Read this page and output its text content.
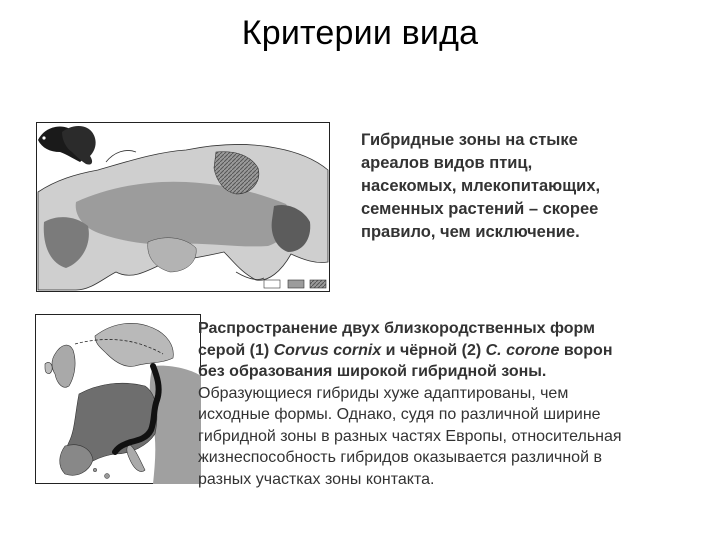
Критерии вида
Гибридные зоны на стыке
ареалов видов птиц,
насекомых, млекопитающих,
семенных растений – скорее
правило, чем исключение.
Распространение двух близкородственных форм
серой (1) Corvus cornix и чёрной (2) C. corone ворон
без образования широкой гибридной зоны.
Образующиеся гибриды хуже адаптированы, чем
исходные формы. Однако, судя по различной ширине
гибридной зоны в разных частях Европы, относительная
жизнеспособность гибридов оказывается различной в
разных участках зоны контакта.
